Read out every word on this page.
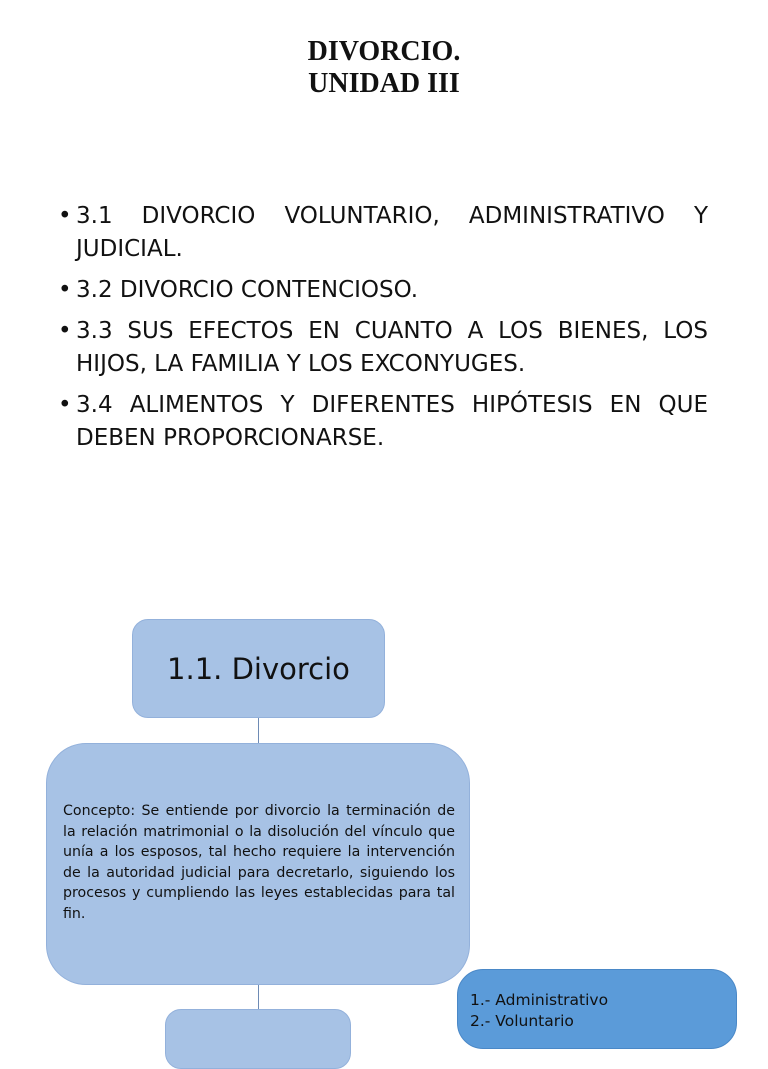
DIVORCIO.
UNIDAD III
• 3.1 DIVORCIO VOLUNTARIO, ADMINISTRATIVO Y JUDICIAL.
• 3.2 DIVORCIO CONTENCIOSO.
• 3.3 SUS EFECTOS EN CUANTO A LOS BIENES, LOS HIJOS, LA FAMILIA Y LOS EXCONYUGES.
• 3.4 ALIMENTOS Y DIFERENTES HIPÓTESIS EN QUE DEBEN PROPORCIONARSE.
1.1. Divorcio

Concepto: Se entiende por divorcio la terminación de la relación matrimonial o la disolución del vínculo que unía a los esposos, tal hecho requiere la intervención de la autoridad judicial para decretarlo, siguiendo los procesos y cumpliendo las leyes establecidas para tal fin.

1.- Administrativo
2.- Voluntario
